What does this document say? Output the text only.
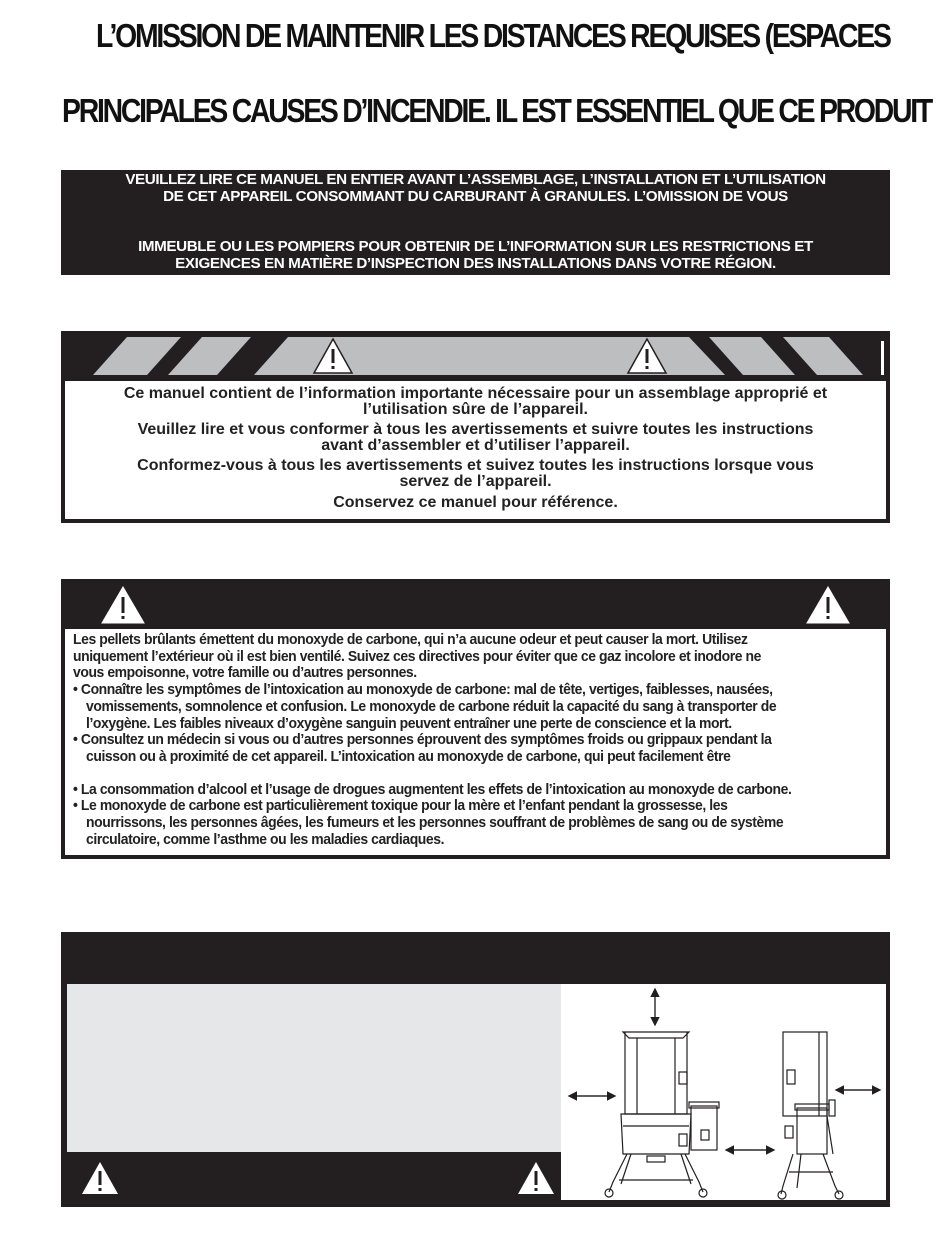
L’OMISSION DE MAINTENIR LES DISTANCES REQUISES (ESPACES
PRINCIPALES CAUSES D’INCENDIE. IL EST ESSENTIEL QUE CE PRODUIT

VEUILLEZ LIRE CE MANUEL EN ENTIER AVANT L’ASSEMBLAGE, L’INSTALLATION ET L’UTILISATION

DE CET APPAREIL CONSOMMANT DU CARBURANT À GRANULES. L’OMISSION DE VOUS

IMMEUBLE OU LES POMPIERS POUR OBTENIR DE L’INFORMATION SUR LES RESTRICTIONS ET

EXIGENCES EN MATIÈRE D’INSPECTION DES INSTALLATIONS DANS VOTRE RÉGION.

Ce manuel contient de l’information importante nécessaire pour un assemblage approprié et

l’utilisation sûre de l’appareil.

Veuillez lire et vous conformer à tous les avertissements et suivre toutes les instructions

avant d’assembler et d’utiliser l’appareil.

Conformez-vous à tous les avertissements et suivez toutes les instructions lorsque vous

servez de l’appareil.

Conservez ce manuel pour référence.

Les pellets brûlants émettent du monoxyde de carbone, qui n’a aucune odeur et peut causer la mort. Utilisez

uniquement l’extérieur où il est bien ventilé. Suivez ces directives pour éviter que ce gaz incolore et inodore ne

vous empoisonne, votre famille ou d’autres personnes.

• Connaître les symptômes de l’intoxication au monoxyde de carbone: mal de tête, vertiges, faiblesses, nausées,

vomissements, somnolence et confusion. Le monoxyde de carbone réduit la capacité du sang à transporter de

l’oxygène. Les faibles niveaux d’oxygène sanguin peuvent entraîner une perte de conscience et la mort.

• Consultez un médecin si vous ou d’autres personnes éprouvent des symptômes froids ou grippaux pendant la

cuisson ou à proximité de cet appareil. L’intoxication au monoxyde de carbone, qui peut facilement être

• La consommation d’alcool et l’usage de drogues augmentent les effets de l’intoxication au monoxyde de carbone.

• Le monoxyde de carbone est particulièrement toxique pour la mère et l’enfant pendant la grossesse, les

nourrissons, les personnes âgées, les fumeurs et les personnes souffrant de problèmes de sang ou de système

circulatoire, comme l’asthme ou les maladies cardiaques.
